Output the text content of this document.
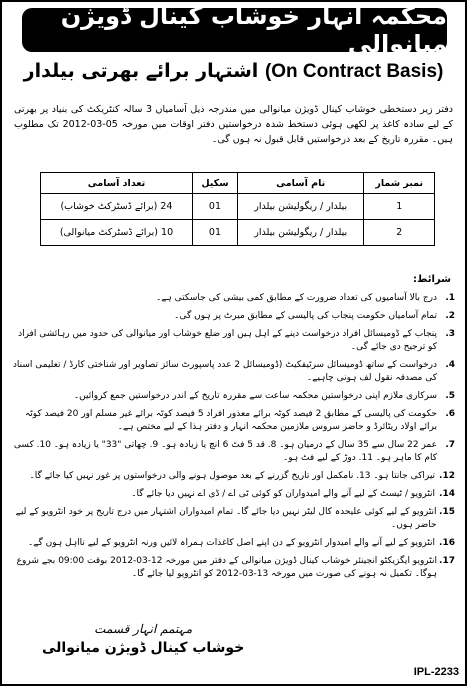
محکمہ انہار خوشاب کینال ڈویژن میانوالی
اشتہار برائے بھرتی بیلدار (On Contract Basis)
دفتر زیر دستخطی خوشاب کینال ڈویژن میانوالی میں مندرجہ ذیل آسامیاں 3 سالہ کنٹریکٹ کی بنیاد پر بھرتی کے لیے سادہ کاغذ پر لکھی ہوئی دستخط شدہ درخواستیں دفتر اوقات میں مورخہ 05-03-2012 تک مطلوب ہیں۔ مقررہ تاریخ کے بعد درخواستیں قابل قبول نہ ہوں گی۔
نمبر شمار	نام آسامی	سکیل	تعداد آسامی
1	بیلدار / ریگولیشن بیلدار	01	24 (برائے ڈسٹرکٹ خوشاب)
2	بیلدار / ریگولیشن بیلدار	01	10 (برائے ڈسٹرکٹ میانوالی)
شرائط:
1.
درج بالا آسامیوں کی تعداد ضرورت کے مطابق کمی بیشی کی جاسکتی ہے۔
2.
تمام آسامیاں حکومت پنجاب کی پالیسی کے مطابق میرٹ پر ہوں گی۔
3.
پنجاب کے ڈومیسائل افراد درخواست دینے کے اہل ہیں اور ضلع خوشاب اور میانوالی کی حدود میں رہائشی افراد کو ترجیح دی جائے گی۔
4.
درخواست کے ساتھ ڈومیسائل سرٹیفکیٹ (ڈومیسائل 2 عدد پاسپورٹ سائز تصاویر اور شناختی کارڈ / تعلیمی اسناد کی مصدقہ نقول لف ہونی چاہیے۔
5.
سرکاری ملازم اپنی درخواستیں محکمہ ساعت سے مقررہ تاریخ کے اندر درخواستیں جمع کروائیں۔
6.
حکومت کی پالیسی کے مطابق 2 فیصد کوٹہ برائے معذور افراد 5 فیصد کوٹہ برائے غیر مسلم اور 20 فیصد کوٹہ برائے اولاد ریٹائرڈ و حاضر سروس ملازمین محکمہ انہار و دفتر ہذا کے لیے مختص ہے۔
7.
عمر 22 سال سے 35 سال کے درمیان ہو۔ 8. قد 5 فٹ 6 انچ یا زیادہ ہو۔ 9. چھاتی "33" یا زیادہ ہو۔ 10. کسی کام کا ماہر ہو۔ 11. دوڑ کے لیے فٹ ہو۔
12.
تیراکی جانتا ہو۔ 13. نامکمل اور تاریخ گزرنے کے بعد موصول ہونے والی درخواستوں پر غور نہیں کیا جائے گا۔
14.
انٹرویو / ٹیسٹ کے لیے آنے والے امیدواران کو کوئی ٹی اے / ڈی اے نہیں دیا جائے گا۔
15.
انٹرویو کے لیے کوئی علیحدہ کال لیٹر نہیں دیا جائے گا۔ تمام امیدواران اشتہار میں درج تاریخ پر خود انٹرویو کے لیے حاضر ہوں۔
16.
انٹرویو کے لیے آنے والے امیدوار انٹرویو کے دن اپنے اصل کاغذات ہمراہ لائیں ورنہ انٹرویو کے لیے نااہل ہوں گے۔
17.
انٹرویو ایگزیکٹو انجینئر خوشاب کینال ڈویژن میانوالی کے دفتر میں مورخہ 12-03-2012 بوقت 09:00 بجے شروع ہوگا۔ تکمیل نہ ہونے کی صورت میں مورخہ 13-03-2012 کو انٹرویو لیا جائے گا۔
مہتمم انہار قسمت
خوشاب کینال ڈویژن میانوالی
IPL-2233
